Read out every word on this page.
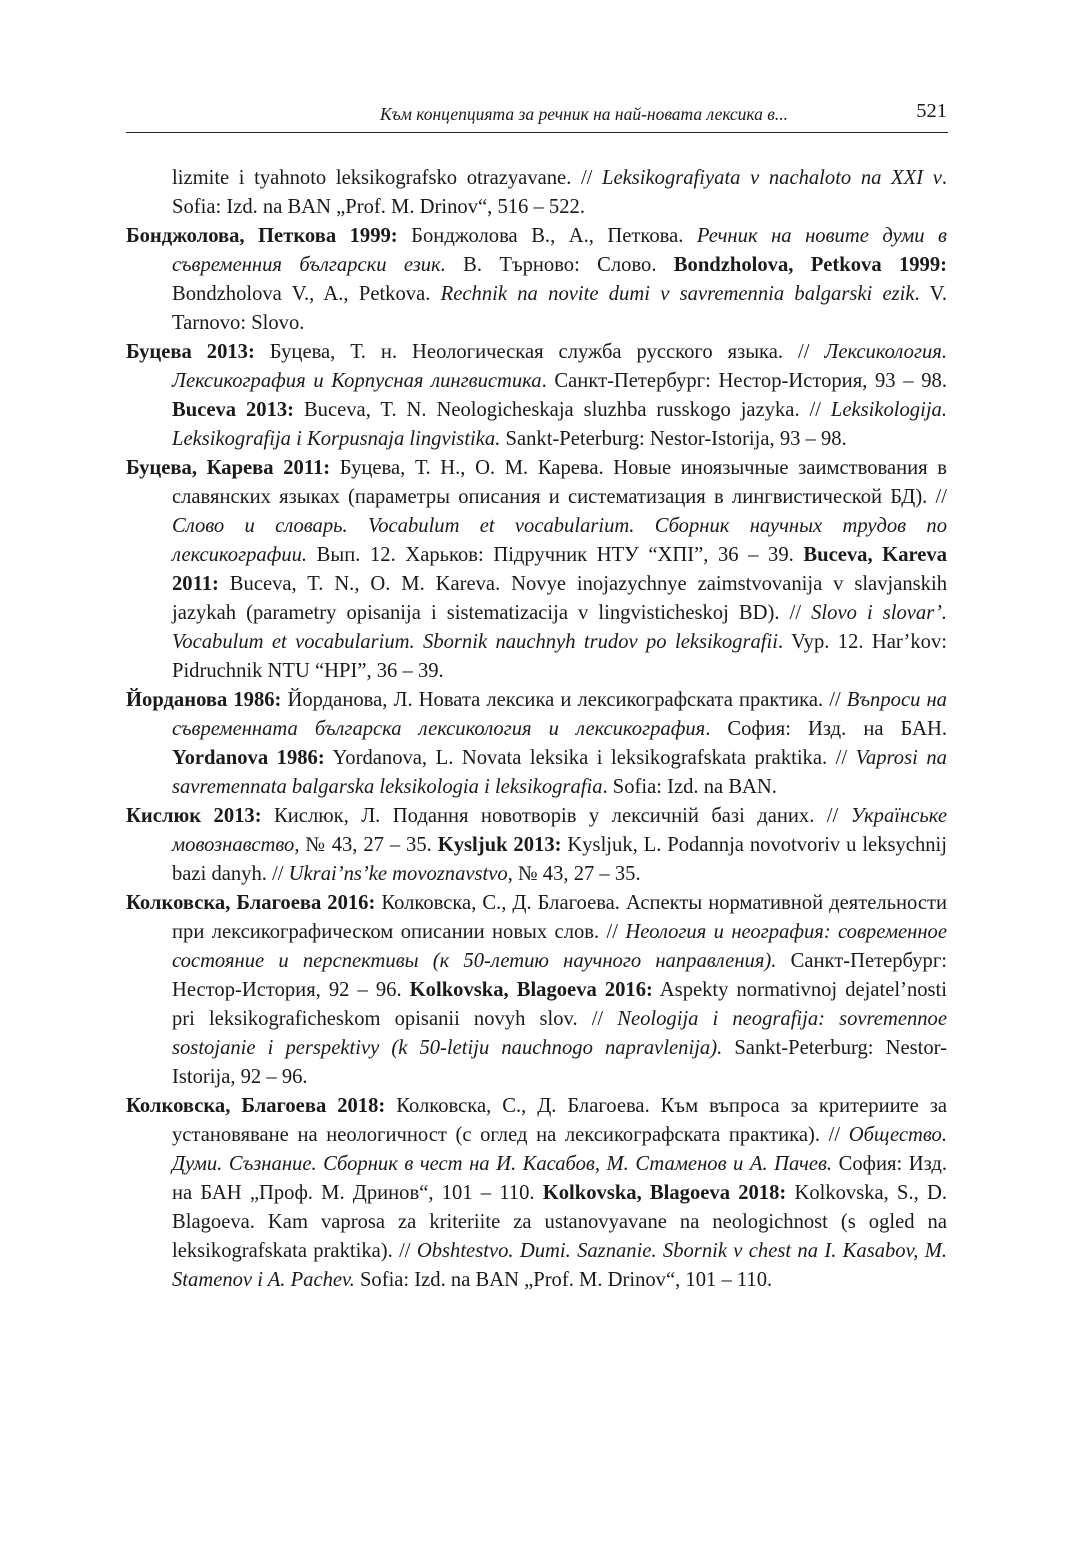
Към концепцията за речник на най-новата лексика в...	521

lizmite i tyahnoto leksikografsko otrazyavane. // Leksikografiyata v nachaloto na XXI v. Sofia: Izd. na BAN „Prof. M. Drinov“, 516 – 522.

Бонджолова, Петкова 1999: Бонджолова В., А., Петкова. Речник на новите думи в съвременния български език. В. Търново: Слово. Bondzholova, Petkova 1999: Bondzholova V., A., Petkova. Rechnik na novite dumi v savremennia balgarski ezik. V. Tarnovo: Slovo.

Буцева 2013: Буцева, Т. н. Неологическая служба русского языка. // Лексикология. Лексикография и Корпусная лингвистика. Санкт-Петербург: Нестор-История, 93 – 98. Buceva 2013: Buceva, T. N. Neologicheskaja sluzhba russkogo jazyka. // Leksikologija. Leksikografija i Korpusnaja lingvistika. Sankt-Peterburg: Nestor-Istorija, 93 – 98.

Буцева, Карева 2011: Буцева, Т. Н., О. М. Карева. Новые иноязычные заимствования в славянских языках (параметры описания и систематизация в лингвистической БД). // Слово и словарь. Vocabulum et vocabularium. Сборник научных трудов по лексикографии. Вып. 12. Харьков: Підручник НТУ “ХПІ”, 36 – 39. Buceva, Kareva 2011: Buceva, T. N., O. M. Kareva. Novye inojazychnye zaimstvovanija v slavjanskih jazykah (parametry opisanija i sistematizacija v lingvisticheskoj BD). // Slovo i slovar’. Vocabulum et vocabularium. Sbornik nauchnyh trudov po leksikografii. Vyp. 12. Har’kov: Pidruchnik NTU “HPI”, 36 – 39.

Йорданова 1986: Йорданова, Л. Новата лексика и лексикографската практика. // Въпроси на съвременната българска лексикология и лексикография. София: Изд. на БАН. Yordanova 1986: Yordanova, L. Novata leksika i leksikografskata praktika. // Vaprosi na savremennata balgarska leksikologia i leksikografia. Sofia: Izd. na BAN.

Кислюк 2013: Кислюк, Л. Подання новотворів у лексичній базі даних. // Українське мовознавство, № 43, 27 – 35. Kysljuk 2013: Kysljuk, L. Podannja novotvoriv u leksychnij bazi danyh. // Ukrai’ns’ke movoznavstvo, № 43, 27 – 35.

Колковска, Благоева 2016: Колковска, С., Д. Благоева. Аспекты нормативной деятельности при лексикографическом описании новых слов. // Неология и неография: современное состояние и перспективы (к 50-летию научного направления). Санкт-Петербург: Нестор-История, 92 – 96. Kolkovska, Blagoeva 2016: Aspekty normativnoj dejatel’nosti pri leksikograficheskom opisanii novyh slov. // Neologija i neografija: sovremennoe sostojanie i perspektivy (k 50-letiju nauchnogo napravlenija). Sankt-Peterburg: Nestor-Istorija, 92 – 96.

Колковска, Благоева 2018: Колковска, С., Д. Благоева. Към въпроса за критериите за установяване на неологичност (с оглед на лексикографската практика). // Общество. Думи. Съзнание. Сборник в чест на И. Касабов, М. Стаменов и А. Пачев. София: Изд. на БАН „Проф. М. Дринов“, 101 – 110. Kolkovska, Blagoeva 2018: Kolkovska, S., D. Blagoeva. Kam vaprosa za kriteriite za ustanovyavane na neologichnost (s ogled na leksikografskata praktika). // Obshtestvo. Dumi. Saznanie. Sbornik v chest na I. Kasabov, M. Stamenov i A. Pachev. Sofia: Izd. na BAN „Prof. M. Drinov“, 101 – 110.
